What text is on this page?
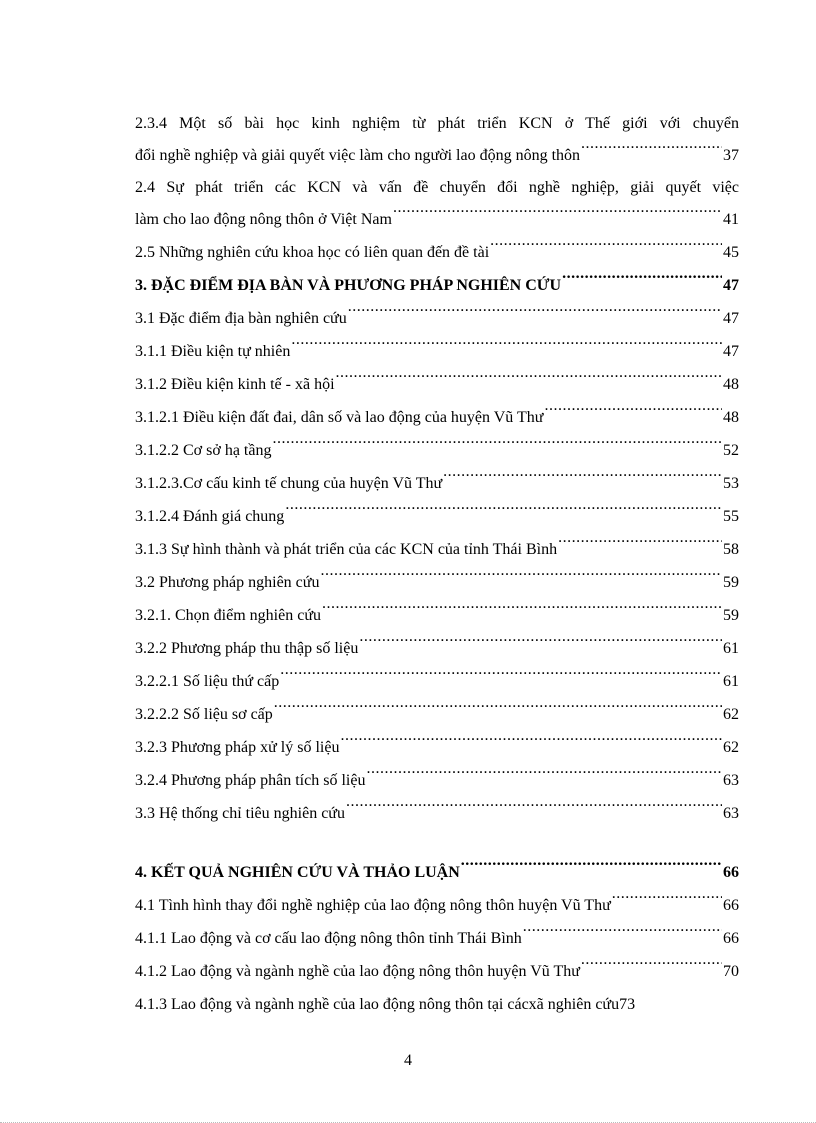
2.3.4 Một số bài học kinh nghiệm từ phát triển KCN ở Thế giới với chuyển
đổi nghề nghiệp và giải quyết việc làm cho người lao động nông thôn .....	37
2.4 Sự phát triển các KCN và vấn đề chuyển đổi nghề nghiệp, giải quyết việc
làm cho lao động nông thôn ở Việt Nam .....	41
2.5 Những nghiên cứu khoa học có liên quan đến đề tài .....	45
3. ĐẶC ĐIỂM ĐỊA BÀN VÀ PHƯƠNG PHÁP NGHIÊN CỨU .....	47
3.1 Đặc điểm địa bàn nghiên cứu .....	47
3.1.1 Điều kiện tự nhiên .....	47
3.1.2 Điều kiện kinh tế - xã hội .....	48
3.1.2.1 Điều kiện đất đai, dân số và lao động của huyện Vũ Thư .....	48
3.1.2.2 Cơ sở hạ tầng .....	52
3.1.2.3.Cơ cấu kinh tế chung của huyện Vũ Thư .....	53
3.1.2.4 Đánh giá chung .....	55
3.1.3 Sự hình thành và phát triển của các KCN của tỉnh Thái Bình .....	58
3.2 Phương pháp nghiên cứu .....	59
3.2.1. Chọn điểm nghiên cứu .....	59
3.2.2 Phương pháp thu thập số liệu .....	61
3.2.2.1 Số liệu thứ cấp .....	61
3.2.2.2 Số liệu sơ cấp .....	62
3.2.3 Phương pháp xử lý số liệu .....	62
3.2.4 Phương pháp phân tích số liệu .....	63
3.3 Hệ thống chỉ tiêu nghiên cứu .....	63
4. KẾT QUẢ NGHIÊN CỨU VÀ THẢO LUẬN .....	66
4.1 Tình hình thay đổi nghề nghiệp của lao động nông thôn huyện Vũ Thư .....	66
4.1.1 Lao động và cơ cấu lao động nông thôn tỉnh Thái Bình .....	66
4.1.2 Lao động và ngành nghề của lao động nông thôn huyện Vũ Thư .....	70
4.1.3 Lao động và ngành nghề của lao động nông thôn tại cácxã nghiên cứu 73
4
